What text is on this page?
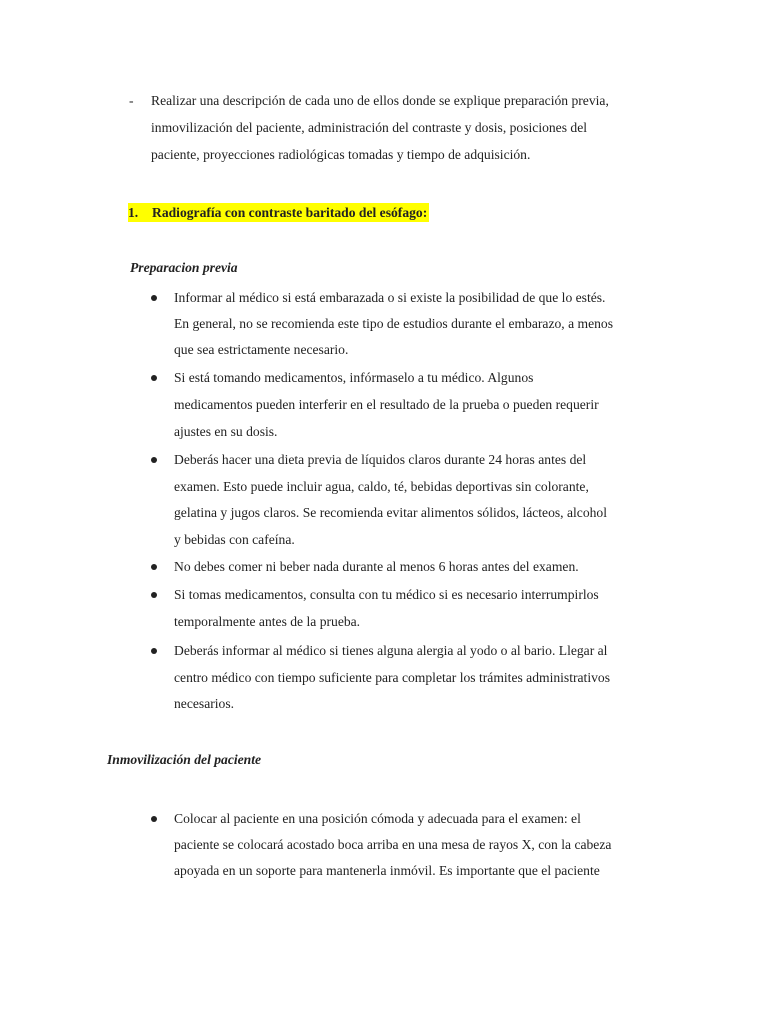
- Realizar una descripción de cada uno de ellos donde se explique preparación previa,
inmovilización del paciente, administración del contraste y dosis, posiciones del
paciente, proyecciones radiológicas tomadas y tiempo de adquisición.
1. Radiografía con contraste baritado del esófago:
Preparacion previa
Informar al médico si está embarazada o si existe la posibilidad de que lo estés.
En general, no se recomienda este tipo de estudios durante el embarazo, a menos
que sea estrictamente necesario.
Si está tomando medicamentos, infórmaselo a tu médico. Algunos
medicamentos pueden interferir en el resultado de la prueba o pueden requerir
ajustes en su dosis.
Deberás hacer una dieta previa de líquidos claros durante 24 horas antes del
examen. Esto puede incluir agua, caldo, té, bebidas deportivas sin colorante,
gelatina y jugos claros. Se recomienda evitar alimentos sólidos, lácteos, alcohol
y bebidas con cafeína.
No debes comer ni beber nada durante al menos 6 horas antes del examen.
Si tomas medicamentos, consulta con tu médico si es necesario interrumpirlos
temporalmente antes de la prueba.
Deberás informar al médico si tienes alguna alergia al yodo o al bario. Llegar al
centro médico con tiempo suficiente para completar los trámites administrativos
necesarios.
Inmovilización del paciente
Colocar al paciente en una posición cómoda y adecuada para el examen: el
paciente se colocará acostado boca arriba en una mesa de rayos X, con la cabeza
apoyada en un soporte para mantenerla inmóvil. Es importante que el paciente
